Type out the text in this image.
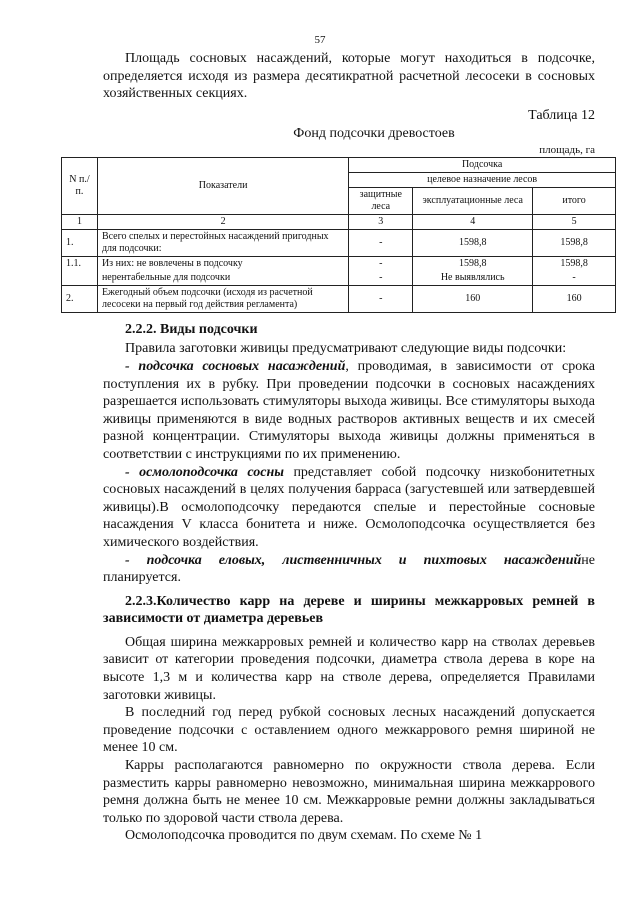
57

Площадь сосновых насаждений, которые могут находиться в подсочке, определяется исходя из размера десятикратной расчетной лесосеки в сосновых хозяйственных секциях.

Таблица 12
Фонд подсочки древостоев
площадь, га
N п./п.	Показатели	Подсочка		
		целевое назначение лесов		
		защитные леса	эксплуатационные леса	итого
1	2	3	4	5
1.	Всего спелых и перестойных насаждений пригодных для подсочки:	-	1598,8	1598,8
1.1.	Из них: не вовлечены в подсочку	-	1598,8	1598,8
	нерентабельные для подсочки	-	Не выявлялись	-
2.	Ежегодный объем подсочки (исходя из расчетной лесосеки на первый год действия регламента)	-	160	160
2.2.2. Виды подсочки

Правила заготовки живицы предусматривают следующие виды подсочки:

- подсочка сосновых насаждений, проводимая, в зависимости от срока поступления их в рубку. При проведении подсочки в сосновых насаждениях разрешается использовать стимуляторы выхода живицы. Все стимуляторы выхода живицы применяются в виде водных растворов активных веществ и их смесей разной концентрации. Стимуляторы выхода живицы должны применяться в соответствии с инструкциями по их применению.

- осмолоподсочка сосны представляет собой подсочку низкобонитетных сосновых насаждений в целях получения барраса (загустевшей или затвердевшей живицы).В осмолоподсочку передаются спелые и перестойные сосновые насаждения V класса бонитета и ниже. Осмолоподсочка осуществляется без химического воздействия.

- подсочка еловых, лиственничных и пихтовых насажденийне планируется.

2.2.3.Количество карр на дереве и ширины межкарровых ремней в зависимости от диаметра деревьев

Общая ширина межкарровых ремней и количество карр на стволах деревьев зависит от категории проведения подсочки, диаметра ствола дерева в коре на высоте 1,3 м и количества карр на стволе дерева, определяется Правилами заготовки живицы.

В последний год перед рубкой сосновых лесных насаждений допускается проведение подсочки с оставлением одного межкаррового ремня шириной не менее 10 см.

Карры располагаются равномерно по окружности ствола дерева. Если разместить карры равномерно невозможно, минимальная ширина межкаррового ремня должна быть не менее 10 см. Межкарровые ремни должны закладываться только по здоровой части ствола дерева.

Осмолоподсочка проводится по двум схемам. По схеме № 1
